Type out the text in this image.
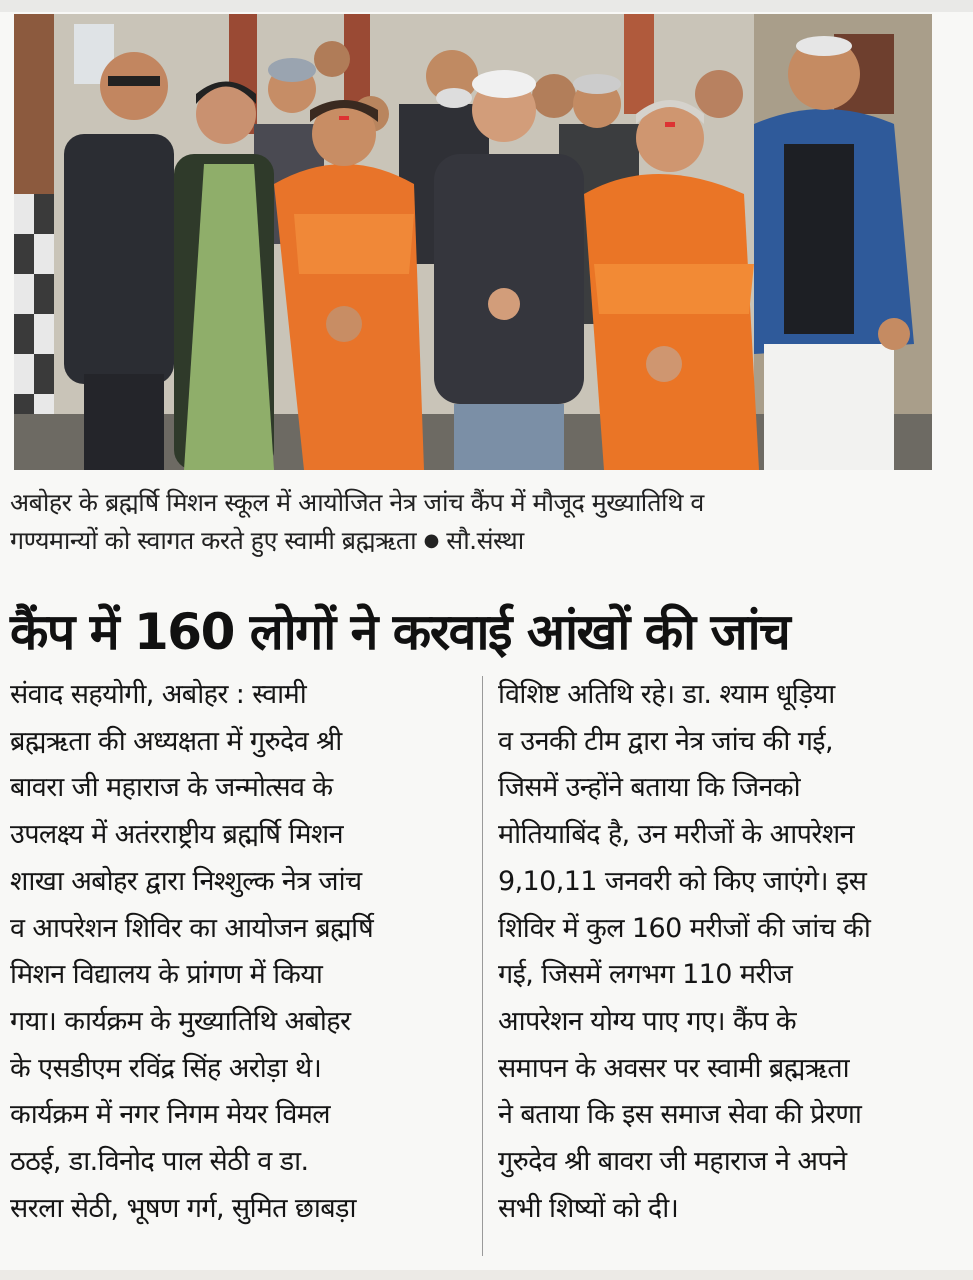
अबोहर के ब्रह्मर्षि मिशन स्कूल में आयोजित नेत्र जांच कैंप में मौजूद मुख्यातिथि व
गण्यमान्यों को स्वागत करते हुए स्वामी ब्रह्मऋता ● सौ.संस्था
कैंप में 160 लोगों ने करवाई आंखों की जांच

संवाद सहयोगी, अबोहर : स्वामी

ब्रह्मऋता की अध्यक्षता में गुरुदेव श्री

बावरा जी महाराज के जन्मोत्सव के

उपलक्ष्य में अतंरराष्ट्रीय ब्रह्मर्षि मिशन

शाखा अबोहर द्वारा निश्शुल्क नेत्र जांच

व आपरेशन शिविर का आयोजन ब्रह्मर्षि

मिशन विद्यालय के प्रांगण में किया

गया। कार्यक्रम के मुख्यातिथि अबोहर

के एसडीएम रविंद्र सिंह अरोड़ा थे।

कार्यक्रम में नगर निगम मेयर विमल

ठठई, डा.विनोद पाल सेठी व डा.

सरला सेठी, भूषण गर्ग, सुमित छाबड़ा

विशिष्ट अतिथि रहे। डा. श्याम धूड़िया

व उनकी टीम द्वारा नेत्र जांच की गई,

जिसमें उन्होंने बताया कि जिनको

मोतियाबिंद है, उन मरीजों के आपरेशन

9,10,11 जनवरी को किए जाएंगे। इस

शिविर में कुल 160 मरीजों की जांच की

गई, जिसमें लगभग 110 मरीज

आपरेशन योग्य पाए गए। कैंप के

समापन के अवसर पर स्वामी ब्रह्मऋता

ने बताया कि इस समाज सेवा की प्रेरणा

गुरुदेव श्री बावरा जी महाराज ने अपने

सभी शिष्यों को दी।
